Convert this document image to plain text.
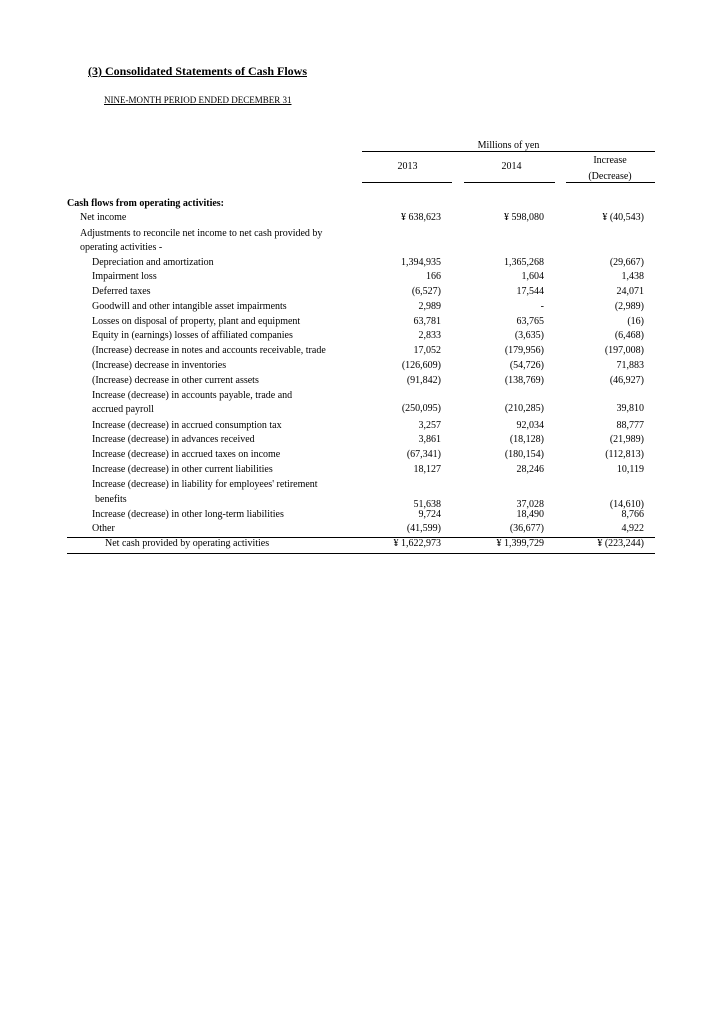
(3) Consolidated Statements of Cash Flows
NINE-MONTH PERIOD ENDED DECEMBER 31
Millions of yen
2013	2014
Increase
(Decrease)
Cash flows from operating activities:
Net income	¥ 638,623	¥ 598,080	¥ (40,543)
Adjustments to reconcile net income to net cash provided by
operating activities -
Depreciation and amortization	1,394,935	1,365,268	(29,667)
Impairment loss	166	1,604	1,438
Deferred taxes	(6,527)	17,544	24,071
Goodwill and other intangible asset impairments	2,989	-	(2,989)
Losses on disposal of property, plant and equipment	63,781	63,765	(16)
Equity in (earnings) losses of affiliated companies	2,833	(3,635)	(6,468)
(Increase) decrease in notes and accounts receivable, trade	17,052	(179,956)	(197,008)
(Increase) decrease in inventories	(126,609)	(54,726)	71,883
(Increase) decrease in other current assets	(91,842)	(138,769)	(46,927)
Increase (decrease) in accounts payable, trade and
accrued payroll	(250,095)	(210,285)	39,810
Increase (decrease) in accrued consumption tax	3,257	92,034	88,777
Increase (decrease) in advances received	3,861	(18,128)	(21,989)
Increase (decrease) in accrued taxes on income	(67,341)	(180,154)	(112,813)
Increase (decrease) in other current liabilities	18,127	28,246	10,119
Increase (decrease) in liability for employees' retirement
benefits	51,638	37,028	(14,610)
Increase (decrease) in other long-term liabilities	9,724	18,490	8,766
Other	(41,599)	(36,677)	4,922
Net cash provided by operating activities	¥ 1,622,973	¥ 1,399,729	¥ (223,244)
